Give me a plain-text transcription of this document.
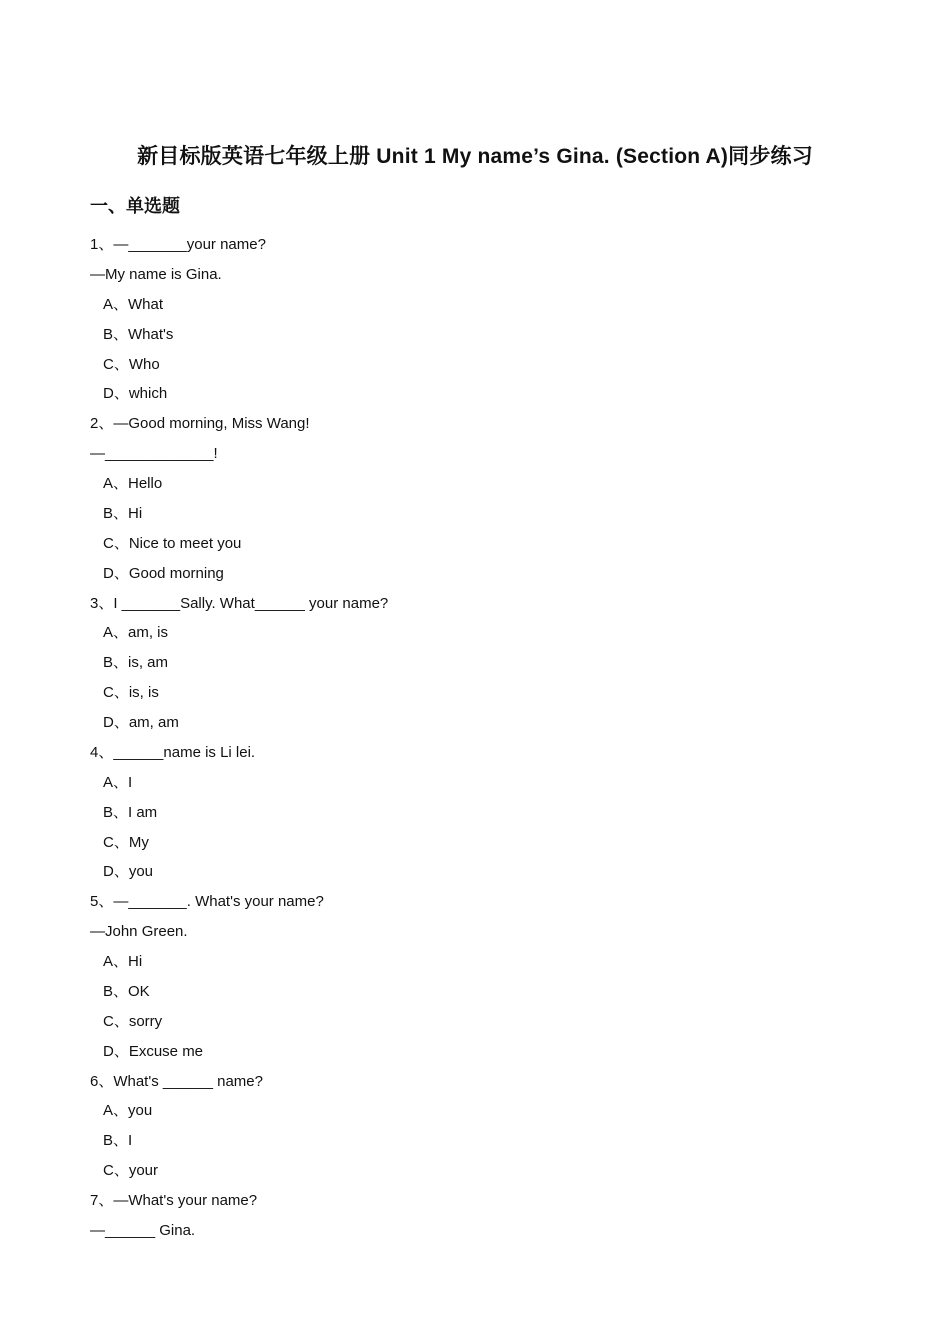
新目标版英语七年级上册 Unit 1 My name’s Gina. (Section A)同步练习
一、单选题
1、—_______your name?
—My name is Gina.
A、What
B、What's
C、Who
D、which
2、—Good morning, Miss Wang!
—_____________!
A、Hello
B、Hi
C、Nice to meet you
D、Good morning
3、I _______Sally. What______ your name?
A、am, is
B、is, am
C、is, is
D、am, am
4、______name is Li lei.
A、I
B、I am
C、My
D、you
5、—_______. What's your name?
—John Green.
A、Hi
B、OK
C、sorry
D、Excuse me
6、What's ______ name?
A、you
B、I
C、your
7、—What's your name?
—______ Gina.
